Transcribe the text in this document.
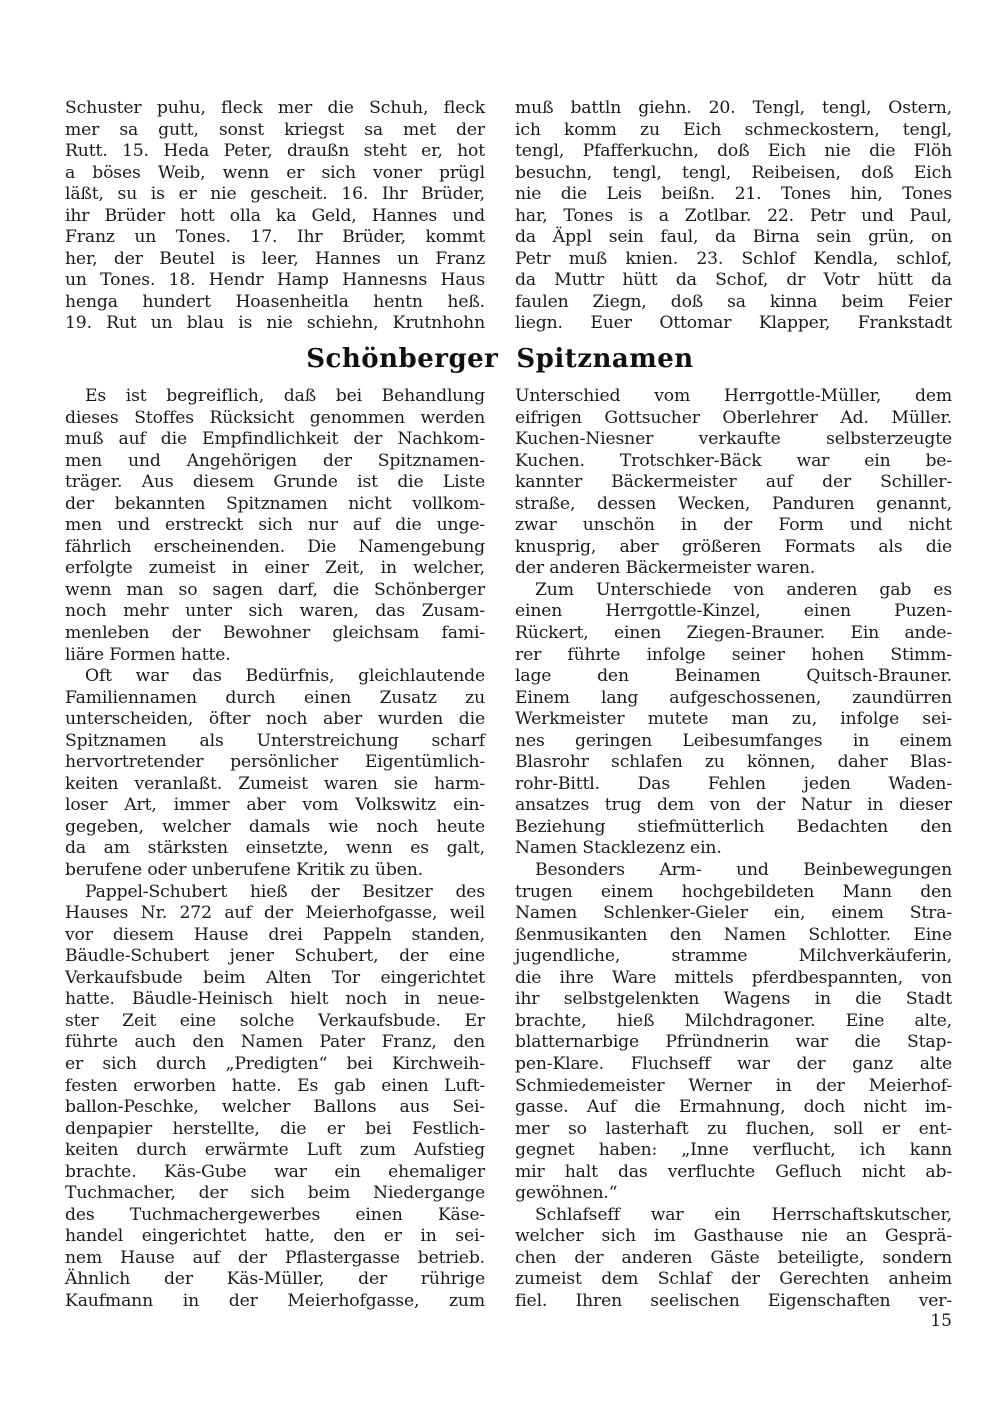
Schuster puhu, fleck mer die Schuh, fleck
mer sa gutt, sonst kriegst sa met der
Rutt. 15. Heda Peter, draußn steht er, hot
a böses Weib, wenn er sich voner prügl
läßt, su is er nie gescheit. 16. Ihr Brüder,
ihr Brüder hott olla ka Geld, Hannes und
Franz un Tones. 17. Ihr Brüder, kommt
her, der Beutel is leer, Hannes un Franz
un Tones. 18. Hendr Hamp Hannesns Haus
henga hundert Hoasenheitla hentn heß.
19. Rut un blau is nie schiehn, Krutnhohn
muß battln giehn. 20. Tengl, tengl, Ostern,
ich komm zu Eich schmeckostern, tengl,
tengl, Pfafferkuchn, doß Eich nie die Flöh
besuchn, tengl, tengl, Reibeisen, doß Eich
nie die Leis beißn. 21. Tones hin, Tones
har, Tones is a Zotlbar. 22. Petr und Paul,
da Äppl sein faul, da Birna sein grün, on
Petr muß knien. 23. Schlof Kendla, schlof,
da Muttr hütt da Schof, dr Votr hütt da
faulen Ziegn, doß sa kinna beim Feier
liegn. Euer Ottomar Klapper, Frankstadt
Schönberger Spitznamen
Es ist begreiflich, daß bei Behandlung
dieses Stoffes Rücksicht genommen werden
muß auf die Empfindlichkeit der Nachkom-
men und Angehörigen der Spitznamen-
träger. Aus diesem Grunde ist die Liste
der bekannten Spitznamen nicht vollkom-
men und erstreckt sich nur auf die unge-
fährlich erscheinenden. Die Namengebung
erfolgte zumeist in einer Zeit, in welcher,
wenn man so sagen darf, die Schönberger
noch mehr unter sich waren, das Zusam-
menleben der Bewohner gleichsam fami-
liäre Formen hatte.
Oft war das Bedürfnis, gleichlautende
Familiennamen durch einen Zusatz zu
unterscheiden, öfter noch aber wurden die
Spitznamen als Unterstreichung scharf
hervortretender persönlicher Eigentümlich-
keiten veranlaßt. Zumeist waren sie harm-
loser Art, immer aber vom Volkswitz ein-
gegeben, welcher damals wie noch heute
da am stärksten einsetzte, wenn es galt,
berufene oder unberufene Kritik zu üben.
Pappel-Schubert hieß der Besitzer des
Hauses Nr. 272 auf der Meierhofgasse, weil
vor diesem Hause drei Pappeln standen,
Bäudle-Schubert jener Schubert, der eine
Verkaufsbude beim Alten Tor eingerichtet
hatte. Bäudle-Heinisch hielt noch in neue-
ster Zeit eine solche Verkaufsbude. Er
führte auch den Namen Pater Franz, den
er sich durch „Predigten“ bei Kirchweih-
festen erworben hatte. Es gab einen Luft-
ballon-Peschke, welcher Ballons aus Sei-
denpapier herstellte, die er bei Festlich-
keiten durch erwärmte Luft zum Aufstieg
brachte. Käs-Gube war ein ehemaliger
Tuchmacher, der sich beim Niedergange
des Tuchmachergewerbes einen Käse-
handel eingerichtet hatte, den er in sei-
nem Hause auf der Pflastergasse betrieb.
Ähnlich der Käs-Müller, der rührige
Kaufmann in der Meierhofgasse, zum
Unterschied vom Herrgottle-Müller, dem
eifrigen Gottsucher Oberlehrer Ad. Müller.
Kuchen-Niesner verkaufte selbsterzeugte
Kuchen. Trotschker-Bäck war ein be-
kannter Bäckermeister auf der Schiller-
straße, dessen Wecken, Panduren genannt,
zwar unschön in der Form und nicht
knusprig, aber größeren Formats als die
der anderen Bäckermeister waren.
Zum Unterschiede von anderen gab es
einen Herrgottle-Kinzel, einen Puzen-
Rückert, einen Ziegen-Brauner. Ein ande-
rer führte infolge seiner hohen Stimm-
lage den Beinamen Quitsch-Brauner.
Einem lang aufgeschossenen, zaundürren
Werkmeister mutete man zu, infolge sei-
nes geringen Leibesumfanges in einem
Blasrohr schlafen zu können, daher Blas-
rohr-Bittl. Das Fehlen jeden Waden-
ansatzes trug dem von der Natur in dieser
Beziehung stiefmütterlich Bedachten den
Namen Stacklezenz ein.
Besonders Arm- und Beinbewegungen
trugen einem hochgebildeten Mann den
Namen Schlenker-Gieler ein, einem Stra-
ßenmusikanten den Namen Schlotter. Eine
jugendliche, stramme Milchverkäuferin,
die ihre Ware mittels pferdbespannten, von
ihr selbstgelenkten Wagens in die Stadt
brachte, hieß Milchdragoner. Eine alte,
blatternarbige Pfründnerin war die Stap-
pen-Klare. Fluchseff war der ganz alte
Schmiedemeister Werner in der Meierhof-
gasse. Auf die Ermahnung, doch nicht im-
mer so lasterhaft zu fluchen, soll er ent-
gegnet haben: „Inne verflucht, ich kann
mir halt das verfluchte Gefluch nicht ab-
gewöhnen.“
Schlafseff war ein Herrschaftskutscher,
welcher sich im Gasthause nie an Gesprä-
chen der anderen Gäste beteiligte, sondern
zumeist dem Schlaf der Gerechten anheim
fiel. Ihren seelischen Eigenschaften ver-
15
